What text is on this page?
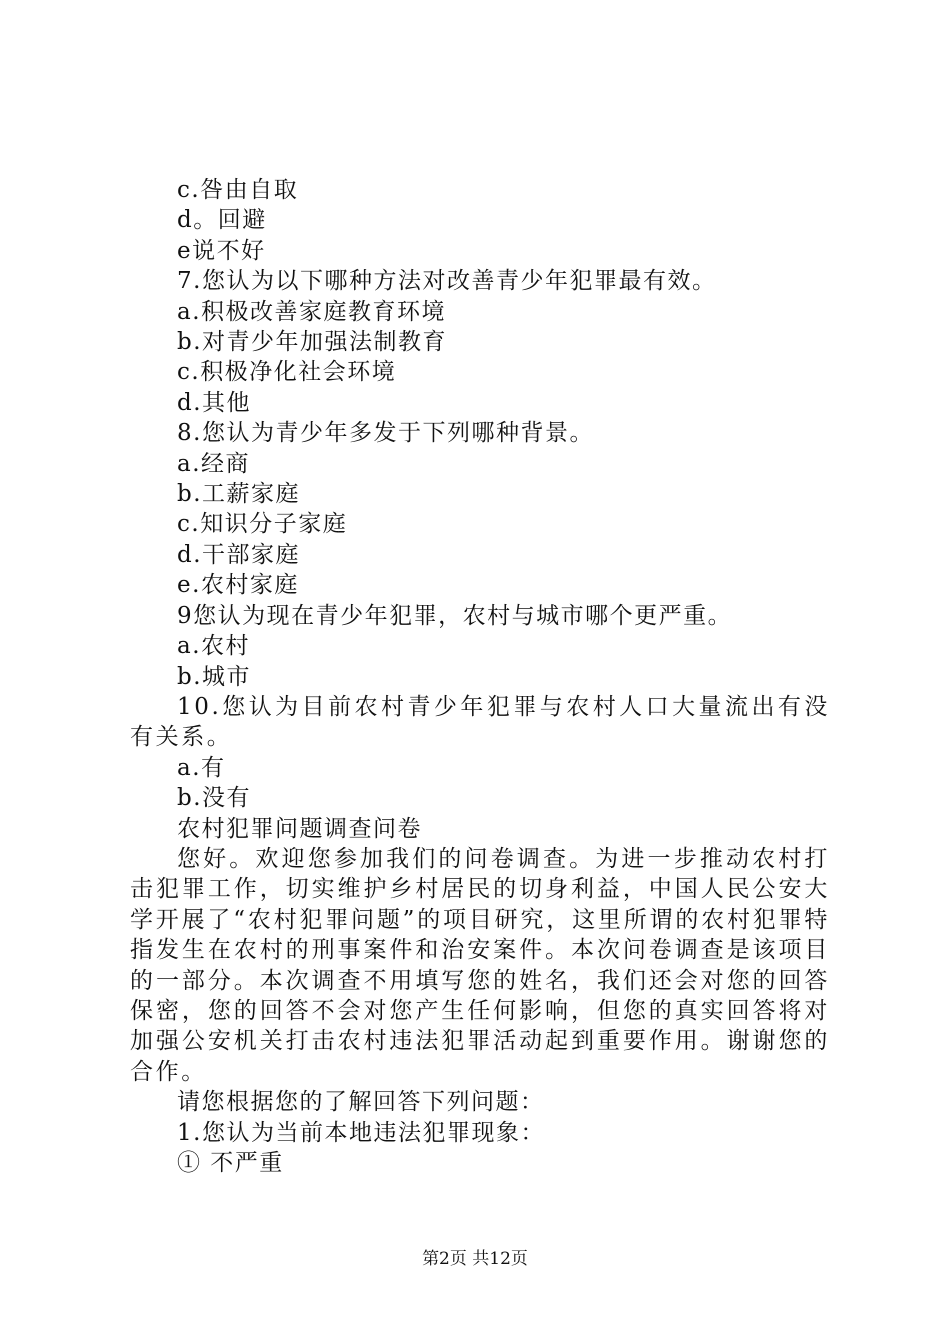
c.咎由自取

d。回避

e说不好

7.您认为以下哪种方法对改善青少年犯罪最有效。

a.积极改善家庭教育环境

b.对青少年加强法制教育

c.积极净化社会环境

d.其他

8.您认为青少年多发于下列哪种背景。

a.经商

b.工薪家庭

c.知识分子家庭

d.干部家庭

e.农村家庭

9您认为现在青少年犯罪，农村与城市哪个更严重。

a.农村

b.城市

10.您认为目前农村青少年犯罪与农村人口大量流出有没有关系。

a.有

b.没有

农村犯罪问题调查问卷

您好。欢迎您参加我们的问卷调查。为进一步推动农村打击犯罪工作，切实维护乡村居民的切身利益，中国人民公安大学开展了“农村犯罪问题”的项目研究，这里所谓的农村犯罪特指发生在农村的刑事案件和治安案件。本次问卷调查是该项目的一部分。本次调查不用填写您的姓名，我们还会对您的回答保密，您的回答不会对您产生任何影响，但您的真实回答将对加强公安机关打击农村违法犯罪活动起到重要作用。谢谢您的合作。

请您根据您的了解回答下列问题：

1.您认为当前本地违法犯罪现象：

① 不严重

第2页 共12页
